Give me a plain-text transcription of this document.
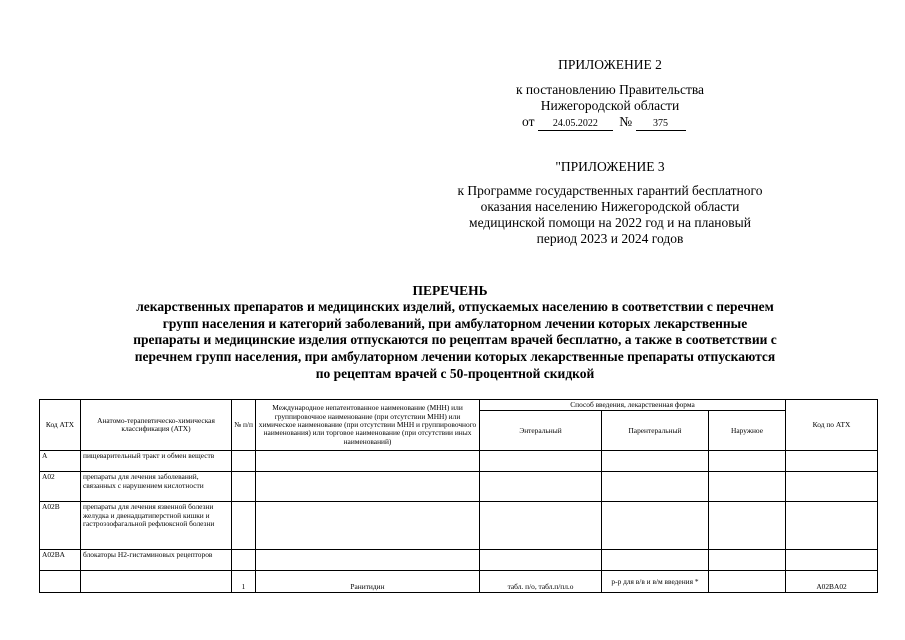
ПРИЛОЖЕНИЕ 2
к постановлению Правительства
Нижегородской области
от 24.05.2022 № 375
"ПРИЛОЖЕНИЕ 3
к Программе государственных гарантий бесплатного
оказания населению Нижегородской области
медицинской помощи на 2022 год и на плановый
период 2023 и 2024 годов
ПЕРЕЧЕНЬ
лекарственных препаратов и медицинских изделий, отпускаемых населению в соответствии с перечнем
групп населения и категорий заболеваний, при амбулаторном лечении которых лекарственные
препараты и медицинские изделия отпускаются по рецептам врачей бесплатно, а также в соответствии с
перечнем групп населения, при амбулаторном лечении которых лекарственные препараты отпускаются
по рецептам врачей с 50-процентной скидкой
Код АТХ	Анатомо-терапевтическо-химическая классификация (АТХ)	№ п/п	Международное непатентованное наименование (МНН) или группировочное наименование (при отсутствии МНН) или химическое наименование (при отсутствии МНН и группировочного наименования) или торговое наименование (при отсутствии иных наименований)	Способ введения, лекарственная форма			Код по АТХ
				Энтеральный	Парентеральный	Наружное	
A	пищеварительный тракт и обмен веществ						
A02	препараты для лечения заболеваний, связанных с нарушением кислотности						
A02B	препараты для лечения язвенной болезни желудка и двенадцатиперстной кишки и гастроэзофагальной рефлюксной болезни						
A02BA	блокаторы H2-гистаминовых рецепторов						
		1	Ранитидин	табл. п/о, табл.п/пл.о	р-р для в/в и в/м введения *		A02BA02
